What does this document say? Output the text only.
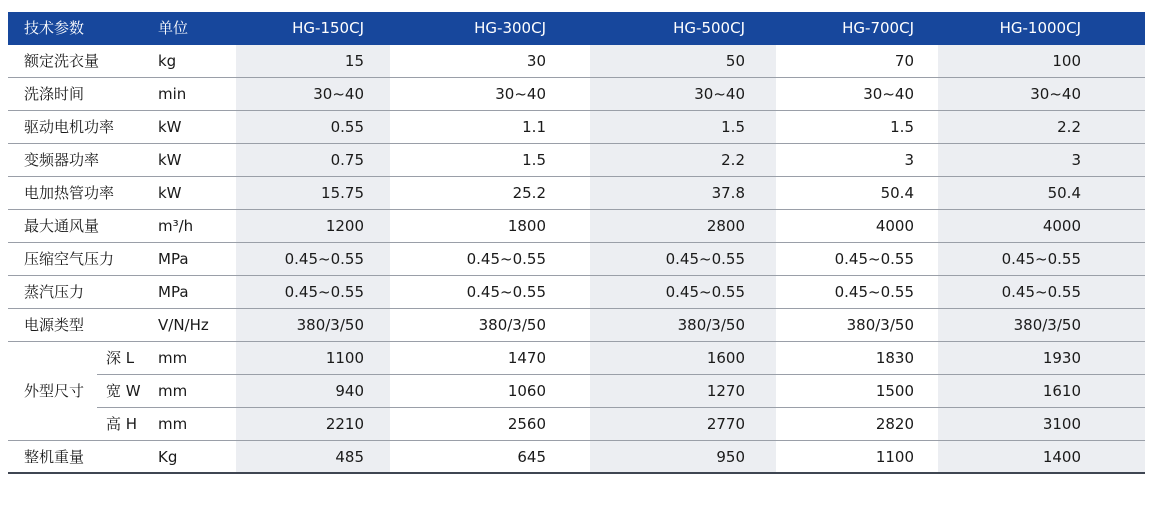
技术参数	单位	HG-150CJ	HG-300CJ	HG-500CJ	HG-700CJ	HG-1000CJ
额定洗衣量	kg	15	30	50	70	100
洗涤时间	min	30~40	30~40	30~40	30~40	30~40
驱动电机功率	kW	0.55	1.1	1.5	1.5	2.2
变频器功率	kW	0.75	1.5	2.2	3	3
电加热管功率	kW	15.75	25.2	37.8	50.4	50.4
最大通风量	m³/h	1200	1800	2800	4000	4000
压缩空气压力	MPa	0.45~0.55	0.45~0.55	0.45~0.55	0.45~0.55	0.45~0.55
蒸汽压力	MPa	0.45~0.55	0.45~0.55	0.45~0.55	0.45~0.55	0.45~0.55
电源类型	V/N/Hz	380/3/50	380/3/50	380/3/50	380/3/50	380/3/50
外型尺寸
深 L	mm	1100	1470	1600	1830	1930
宽 W	mm	940	1060	1270	1500	1610
高 H	mm	2210	2560	2770	2820	3100
整机重量	Kg	485	645	950	1100	1400
